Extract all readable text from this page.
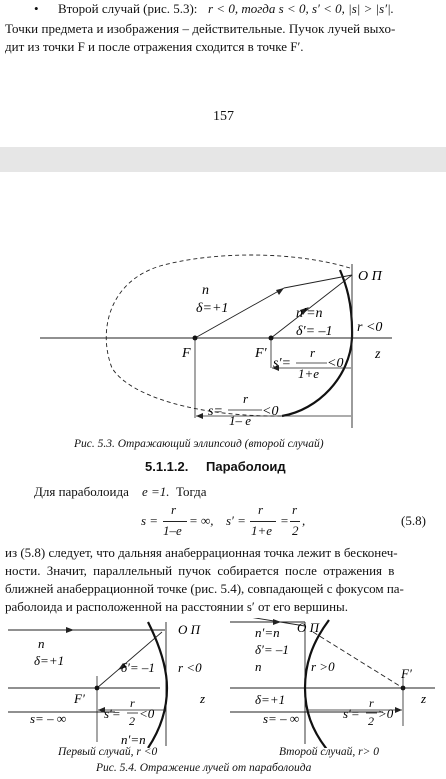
• Второй случай (рис. 5.3): r < 0, тогда s < 0, s′ < 0, |s| > |s′|.
Точки предмета и изображения – действительные. Пучок лучей выхо-
дит из точки F и после отражения сходится в точке F′.
157
О П
n
δ=+1	n′=n
δ′= –1 r <0
z
F	F′
s′=
r
1+e
<0
s=
r
1– e
<0
Рис. 5.3. Отражающий эллипсоид (второй случай)
5.1.1.2. Параболоид
Для параболоида e =1. Тогда
s =
r
1–e
= ∞, s′ =
r
1+e
=
r
2
,	(5.8)
из (5.8) следует, что дальняя анаберрационная точка лежит в бесконеч-
ности. Значит, параллельный пучок собирается после отражения в
ближней анаберрационной точке (рис. 5.4), совпадающей с фокусом па-
раболоида и расположенной на расстоянии s′ от его вершины.
О П
n
δ=+1	δ′= –1 r <0
z
F′
s′=
r
2 <0
s= – ∞
n′=n
О П
n′=n
δ′= –1
n	r >0	F′
z
δ=+1
s′=
r
2 >0
s= – ∞
Первый случай, r <0	Второй случай, r> 0
Рис. 5.4. Отражение лучей от параболоида
